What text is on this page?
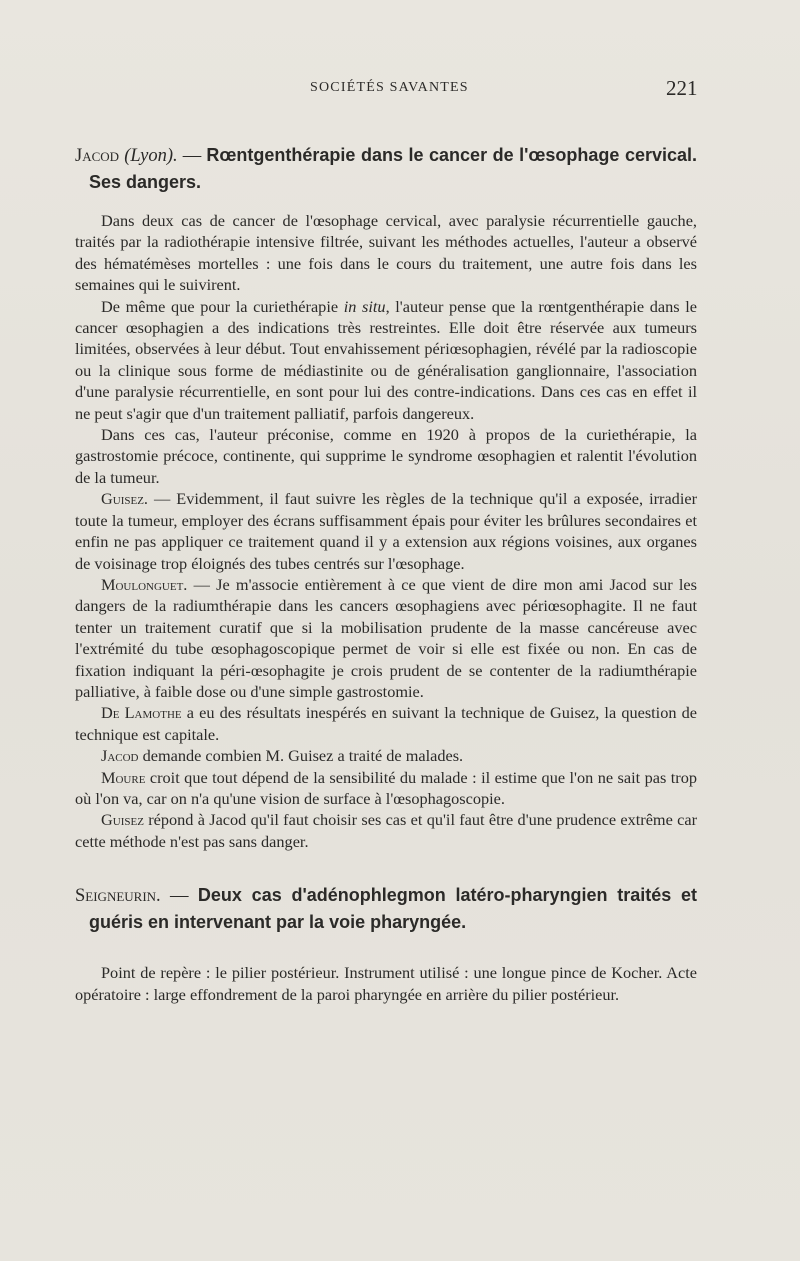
SOCIÉTÉS SAVANTES	221

Jacod (Lyon). — Rœntgenthérapie dans le cancer de l'œsophage cervical. Ses dangers.

Dans deux cas de cancer de l'œsophage cervical, avec paralysie récurrentielle gauche, traités par la radiothérapie intensive filtrée, suivant les méthodes actuelles, l'auteur a observé des hématémèses mortelles : une fois dans le cours du traitement, une autre fois dans les semaines qui le suivirent.

De même que pour la curiethérapie in situ, l'auteur pense que la rœntgenthérapie dans le cancer œsophagien a des indications très restreintes. Elle doit être réservée aux tumeurs limitées, observées à leur début. Tout envahissement périœsophagien, révélé par la radioscopie ou la clinique sous forme de médiastinite ou de généralisation ganglionnaire, l'association d'une paralysie récurrentielle, en sont pour lui des contre-indications. Dans ces cas en effet il ne peut s'agir que d'un traitement palliatif, parfois dangereux.

Dans ces cas, l'auteur préconise, comme en 1920 à propos de la curiethérapie, la gastrostomie précoce, continente, qui supprime le syndrome œsophagien et ralentit l'évolution de la tumeur.

Guisez. — Evidemment, il faut suivre les règles de la technique qu'il a exposée, irradier toute la tumeur, employer des écrans suffisamment épais pour éviter les brûlures secondaires et enfin ne pas appliquer ce traitement quand il y a extension aux régions voisines, aux organes de voisinage trop éloignés des tubes centrés sur l'œsophage.

Moulonguet. — Je m'associe entièrement à ce que vient de dire mon ami Jacod sur les dangers de la radiumthérapie dans les cancers œsophagiens avec périœsophagite. Il ne faut tenter un traitement curatif que si la mobilisation prudente de la masse cancéreuse avec l'extrémité du tube œsophagoscopique permet de voir si elle est fixée ou non. En cas de fixation indiquant la péri-œsophagite je crois prudent de se contenter de la radiumthérapie palliative, à faible dose ou d'une simple gastrostomie.

De Lamothe a eu des résultats inespérés en suivant la technique de Guisez, la question de technique est capitale.

Jacod demande combien M. Guisez a traité de malades.

Moure croit que tout dépend de la sensibilité du malade : il estime que l'on ne sait pas trop où l'on va, car on n'a qu'une vision de surface à l'œsophagoscopie.

Guisez répond à Jacod qu'il faut choisir ses cas et qu'il faut être d'une prudence extrême car cette méthode n'est pas sans danger.

Seigneurin. — Deux cas d'adénophlegmon latéro-pharyngien traités et guéris en intervenant par la voie pharyngée.

Point de repère : le pilier postérieur. Instrument utilisé : une longue pince de Kocher. Acte opératoire : large effondrement de la paroi pharyngée en arrière du pilier postérieur.
